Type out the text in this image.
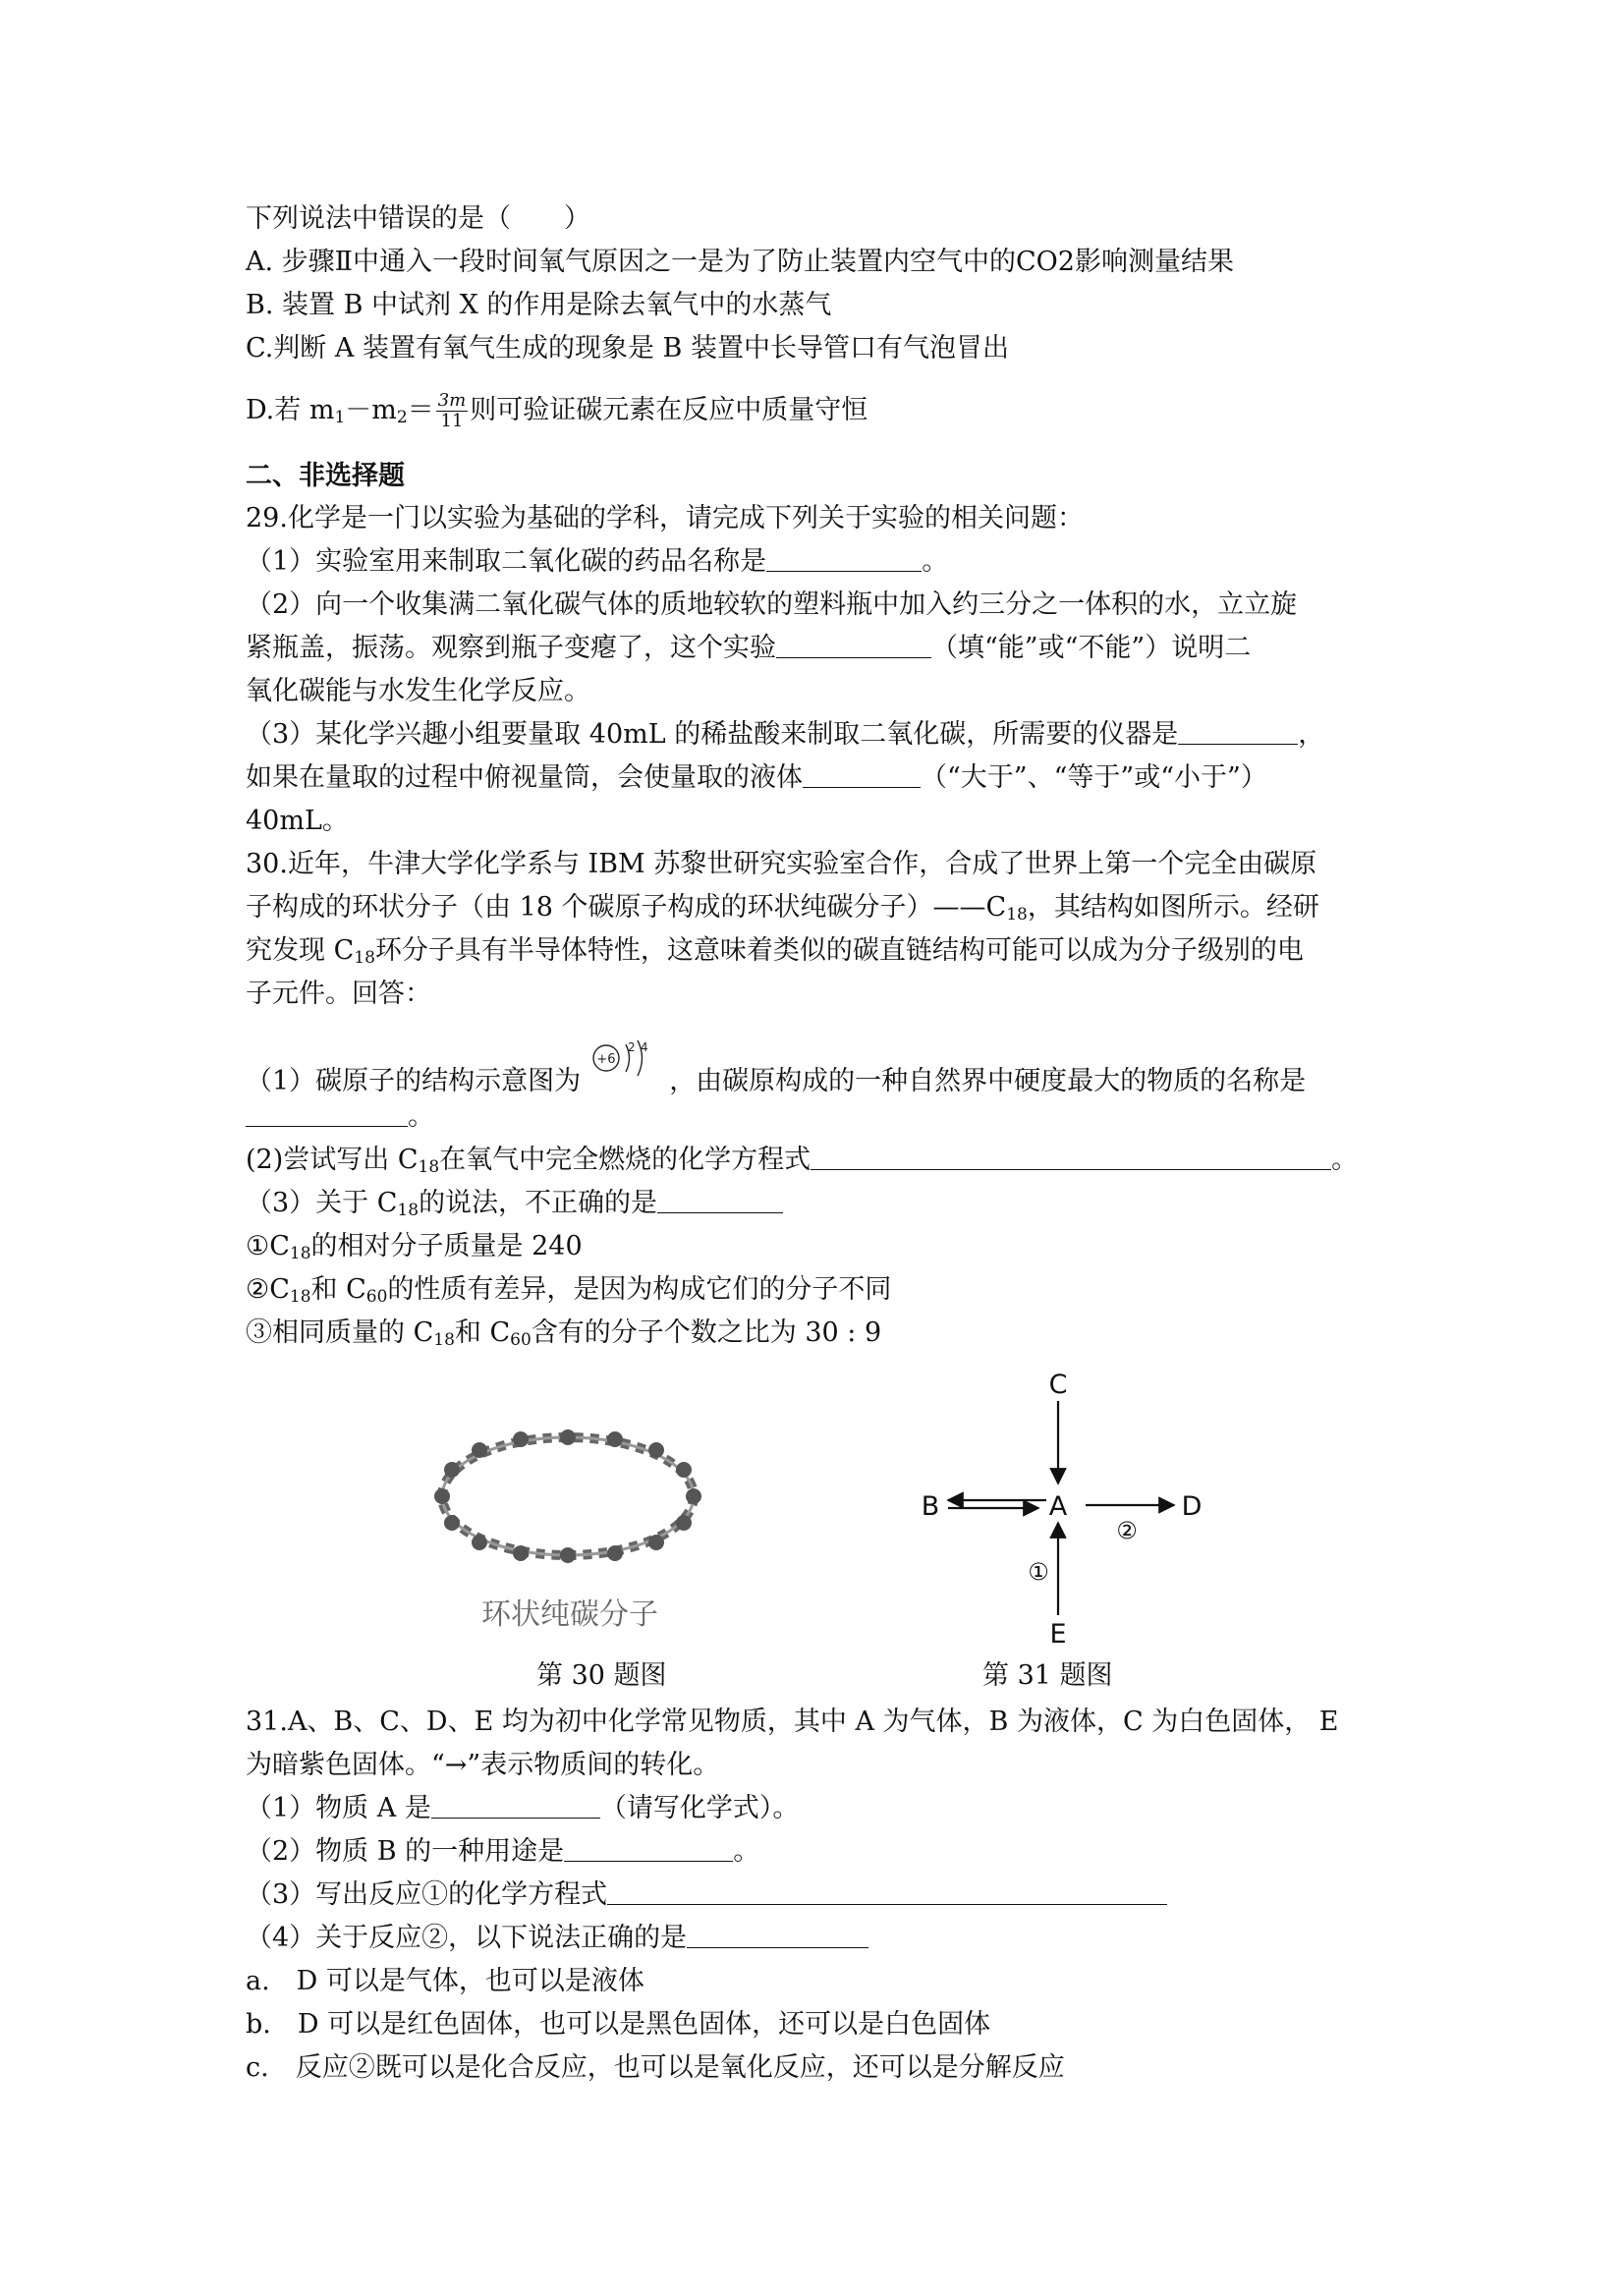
下列说法中错误的是（　　）
A. 步骤Ⅱ中通入一段时间氧气原因之一是为了防止装置内空气中的CO2影响测量结果
B. 装置 B 中试剂 X 的作用是除去氧气中的水蒸气
C.判断 A 装置有氧气生成的现象是 B 装置中长导管口有气泡冒出
D.若 $m_1-m_2= \frac{3m}{11}$ 则可验证碳元素在反应中质量守恒
二、非选择题
29.化学是一门以实验为基础的学科，请完成下列关于实验的相关问题：
（1）实验室用来制取二氧化碳的药品名称是	。
（2）向一个收集满二氧化碳气体的质地较软的塑料瓶中加入约三分之一体积的水，立立旋
紧瓶盖，振荡。观察到瓶子变瘪了，这个实验	（填“能”或“不能”）说明二
氧化碳能与水发生化学反应。
（3）某化学兴趣小组要量取 40mL 的稀盐酸来制取二氧化碳，所需要的仪器是	，
如果在量取的过程中俯视量筒，会使量取的液体	（“大于”、“等于”或“小于”）
40mL。
30.近年，牛津大学化学系与 IBM 苏黎世研究实验室合作，合成了世界上第一个完全由碳原
子构成的环状分子（由 18 个碳原子构成的环状纯碳分子）$——C_{18}$，其结构如图所示。经研
究发现 $C_{18}$环分子具有半导体特性，这意味着类似的碳直链结构可能可以成为分子级别的电
子元件。回答：
（1）碳原子的结构示意图为
+6
2 4
，由碳原构成的一种自然界中硬度最大的物质的名称是
。
(2)尝试写出 $C_{18}$在氧气中完全燃烧的化学方程式	。
（3）关于 $C_{18}$的说法，不正确的是
$①C_{18}$的相对分子质量是 240
$②C_{18}$和 $C_{60}$的性质有差异，是因为构成它们的分子不同
③相同质量的 $C_{18}$和 $C_{60}$含有的分子个数之比为 30 : 9
环状纯碳分子
C
A
B	D
E
①
②
第 30 题图	第 31 题图
31.A、B、C、D、E 均为初中化学常见物质，其中 A 为气体，B 为液体，C 为白色固体， E
为暗紫色固体。“→”表示物质间的转化。
（1）物质 A 是	（请写化学式）。
（2）物质 B 的一种用途是	。
（3）写出反应①的化学方程式
（4）关于反应②，以下说法正确的是
a.　D 可以是气体，也可以是液体
b.　D 可以是红色固体，也可以是黑色固体，还可以是白色固体
c.　反应②既可以是化合反应，也可以是氧化反应，还可以是分解反应
